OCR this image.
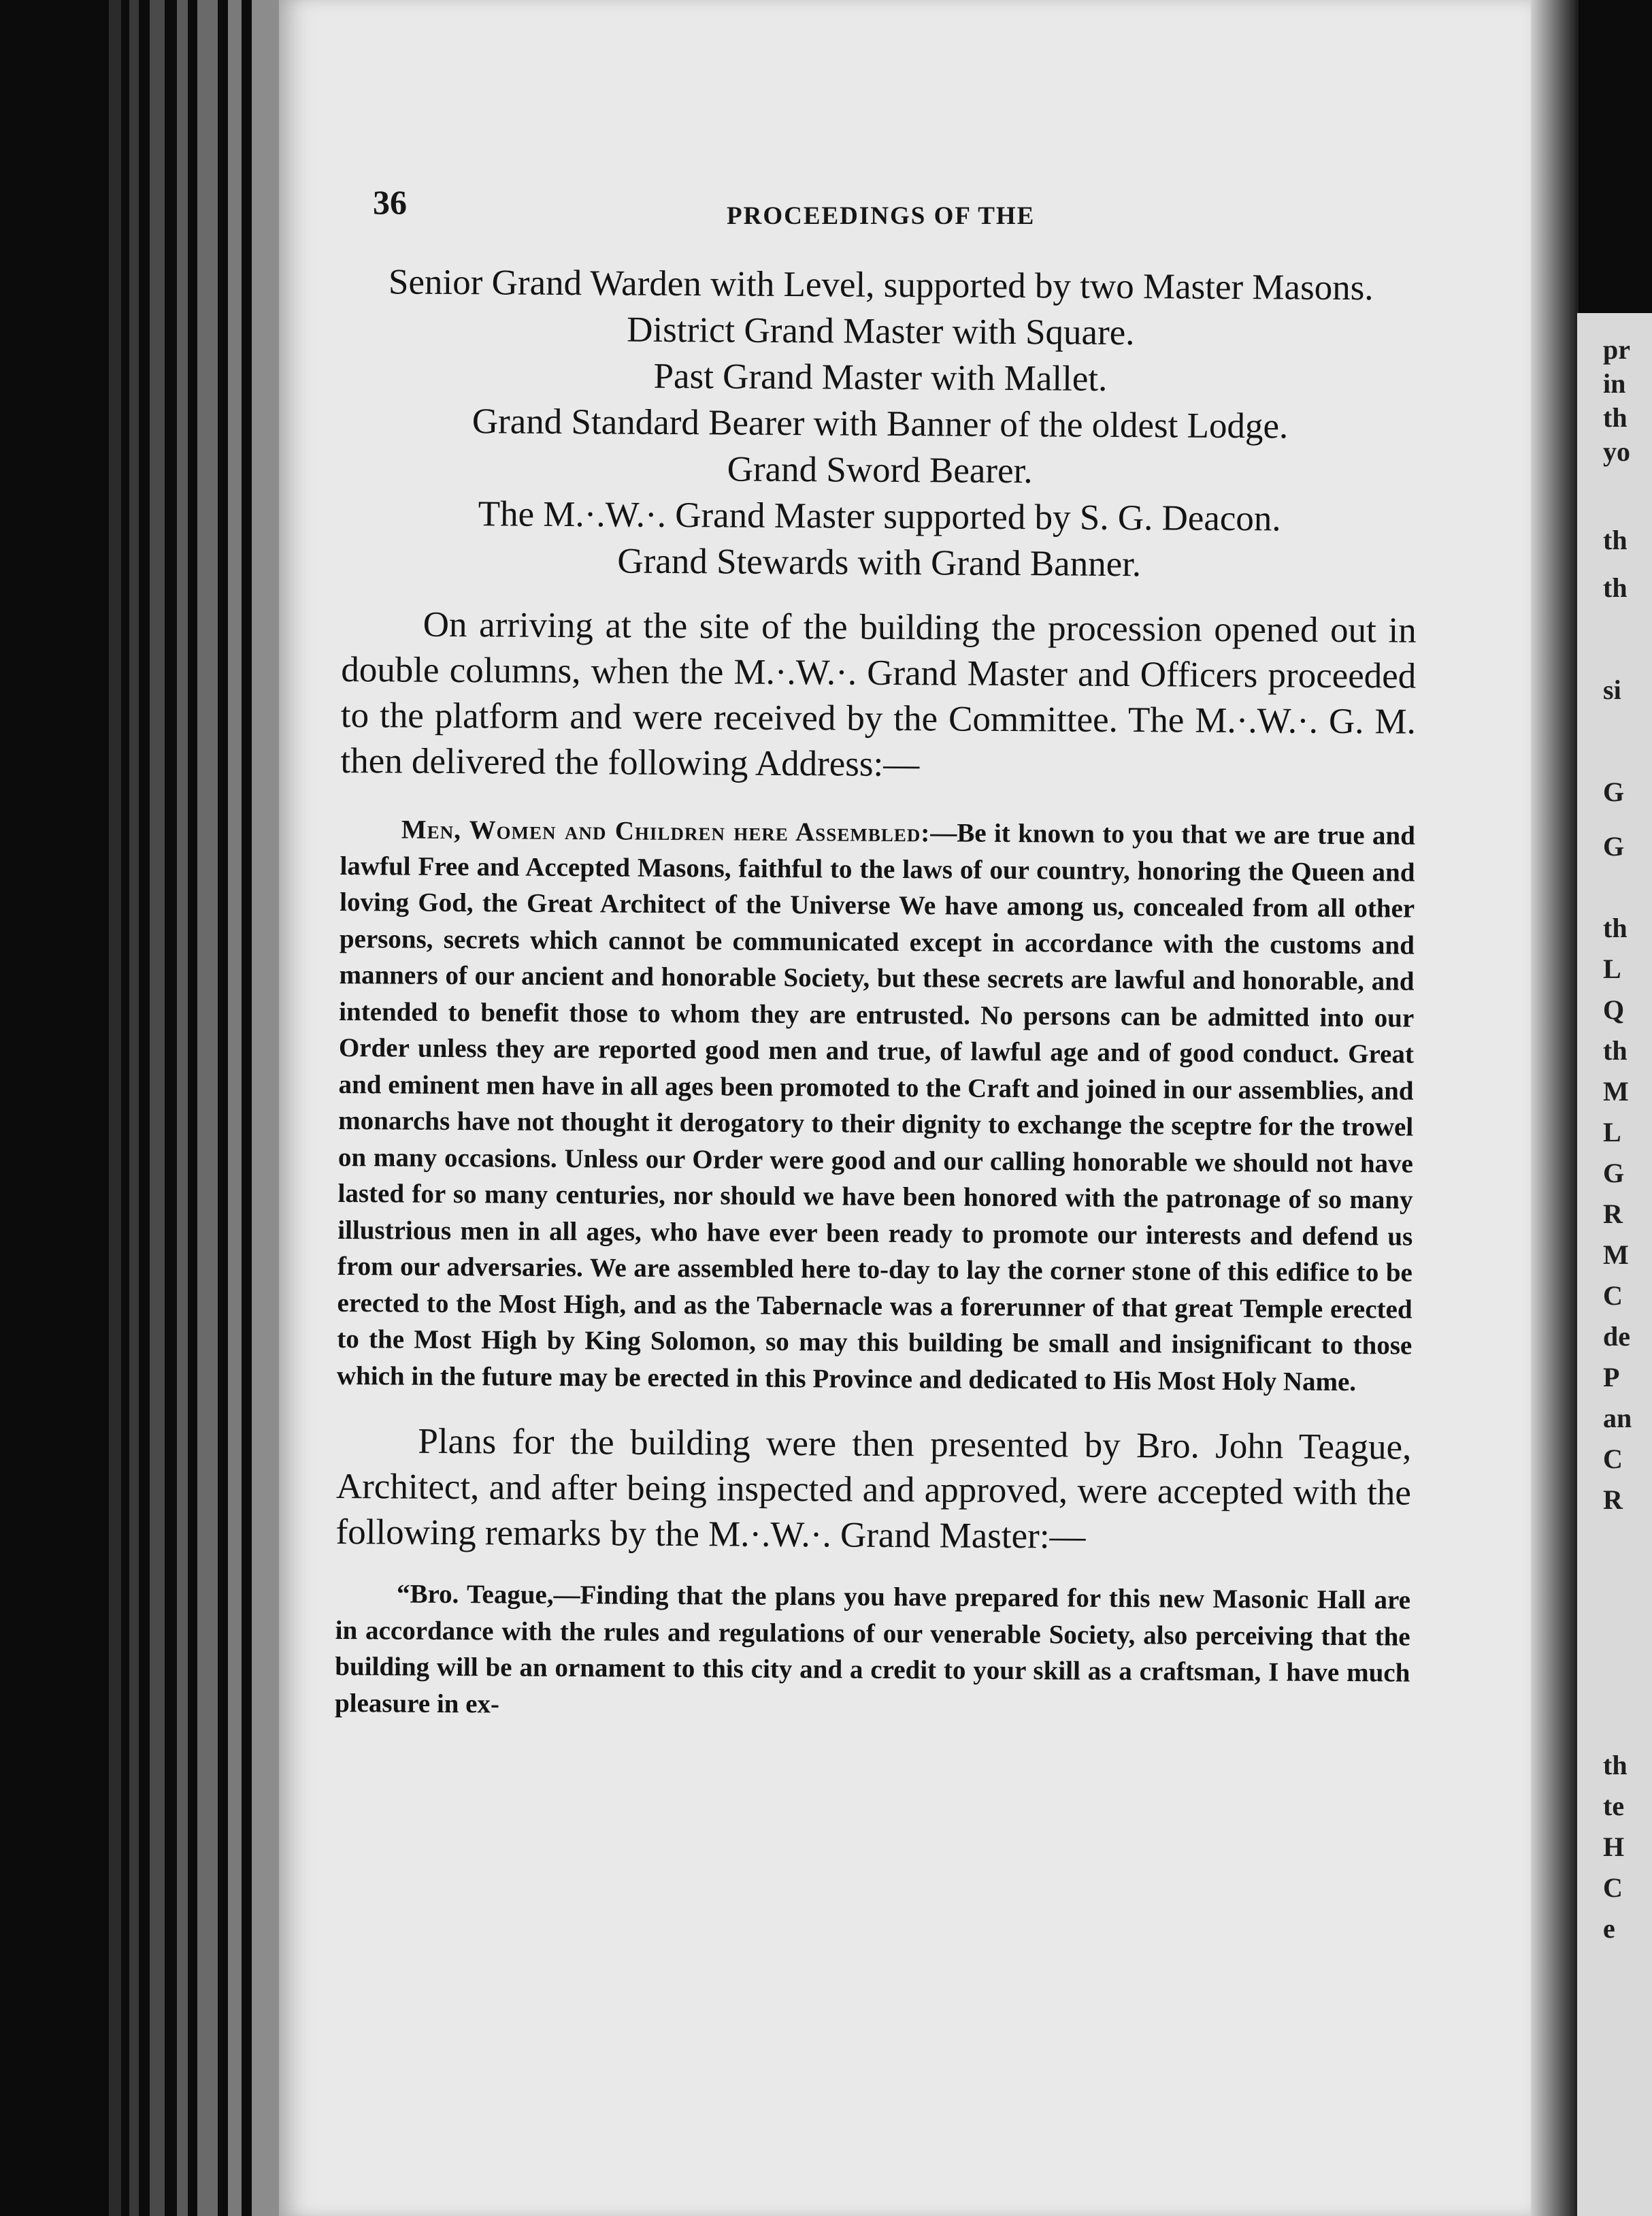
pr
in
th
yo
th
th
si
G
G
th
L
Q
th
M
L
G
R
M
C
de
P
an
C
R
th
te
H
C
e
36	PROCEEDINGS OF THE

Senior Grand Warden with Level, supported by two Master Masons.

District Grand Master with Square.

Past Grand Master with Mallet.

Grand Standard Bearer with Banner of the oldest Lodge.

Grand Sword Bearer.

The M.·.W.·. Grand Master supported by S. G. Deacon.

Grand Stewards with Grand Banner.

On arriving at the site of the building the procession opened out in double columns, when the M.·.W.·. Grand Master and Officers proceeded to the platform and were received by the Committee. The M.·.W.·. G. M. then delivered the following Address:—

Men, Women and Children here Assembled:—Be it known to you that we are true and lawful Free and Accepted Masons, faithful to the laws of our country, honoring the Queen and loving God, the Great Architect of the Universe We have among us, concealed from all other persons, secrets which cannot be communicated except in accordance with the customs and manners of our ancient and honorable Society, but these secrets are lawful and honorable, and intended to benefit those to whom they are entrusted. No persons can be admitted into our Order unless they are reported good men and true, of lawful age and of good conduct. Great and eminent men have in all ages been promoted to the Craft and joined in our assemblies, and monarchs have not thought it derogatory to their dignity to exchange the sceptre for the trowel on many occasions. Unless our Order were good and our calling honorable we should not have lasted for so many centuries, nor should we have been honored with the patronage of so many illustrious men in all ages, who have ever been ready to promote our interests and defend us from our adversaries. We are assembled here to-day to lay the corner stone of this edifice to be erected to the Most High, and as the Tabernacle was a forerunner of that great Temple erected to the Most High by King Solomon, so may this building be small and insignificant to those which in the future may be erected in this Province and dedicated to His Most Holy Name.

Plans for the building were then presented by Bro. John Teague, Architect, and after being inspected and approved, were accepted with the following remarks by the M.·.W.·. Grand Master:—

“Bro. Teague,—Finding that the plans you have prepared for this new Masonic Hall are in accordance with the rules and regulations of our venerable Society, also perceiving that the building will be an ornament to this city and a credit to your skill as a craftsman, I have much pleasure in ex-
